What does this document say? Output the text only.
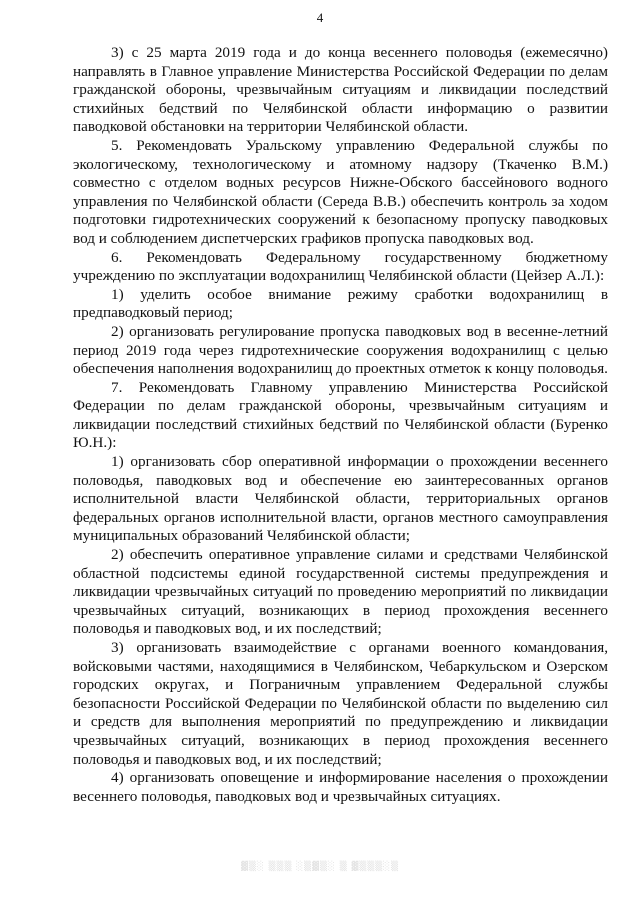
4

3) с 25 марта 2019 года и до конца весеннего половодья (ежемесячно) направлять в Главное управление Министерства Российской Федерации по делам гражданской обороны, чрезвычайным ситуациям и ликвидации последствий стихийных бедствий по Челябинской области информацию о развитии паводковой обстановки на территории Челябинской области.

5. Рекомендовать Уральскому управлению Федеральной службы по экологическому, технологическому и атомному надзору (Ткаченко В.М.) совместно с отделом водных ресурсов Нижне-Обского бассейнового водного управления по Челябинской области (Середа В.В.) обеспечить контроль за ходом подготовки гидротехнических сооружений к безопасному пропуску паводковых вод и соблюдением диспетчерских графиков пропуска паводковых вод.

6. Рекомендовать Федеральному государственному бюджетному учреждению по эксплуатации водохранилищ Челябинской области (Цейзер А.Л.):

1) уделить особое внимание режиму сработки водохранилищ в предпаводковый период;

2) организовать регулирование пропуска паводковых вод в весенне-летний период 2019 года через гидротехнические сооружения водохранилищ с целью обеспечения наполнения водохранилищ до проектных отметок к концу половодья.

7. Рекомендовать Главному управлению Министерства Российской Федерации по делам гражданской обороны, чрезвычайным ситуациям и ликвидации последствий стихийных бедствий по Челябинской области (Буренко Ю.Н.):

1) организовать сбор оперативной информации о прохождении весеннего половодья, паводковых вод и обеспечение ею заинтересованных органов исполнительной власти Челябинской области, территориальных органов федеральных органов исполнительной власти, органов местного самоуправления муниципальных образований Челябинской области;

2) обеспечить оперативное управление силами и средствами Челябинской областной подсистемы единой государственной системы предупреждения и ликвидации чрезвычайных ситуаций по проведению мероприятий по ликвидации чрезвычайных ситуаций, возникающих в период прохождения весеннего половодья и паводковых вод, и их последствий;

3) организовать взаимодействие с органами военного командования, войсковыми частями, находящимися в Челябинском, Чебаркульском и Озерском городских округах, и Пограничным управлением Федеральной службы безопасности Российской Федерации по Челябинской области по выделению сил и средств для выполнения мероприятий по предупреждению и ликвидации чрезвычайных ситуаций, возникающих в период прохождения весеннего половодья и паводковых вод, и их последствий;

4) организовать оповещение и информирование населения о прохождении весеннего половодья, паводковых вод и чрезвычайных ситуациях.

▓▒░ ▒▒▒ ░▒▓▒░ ▒ ▓▒▒▒░▒
